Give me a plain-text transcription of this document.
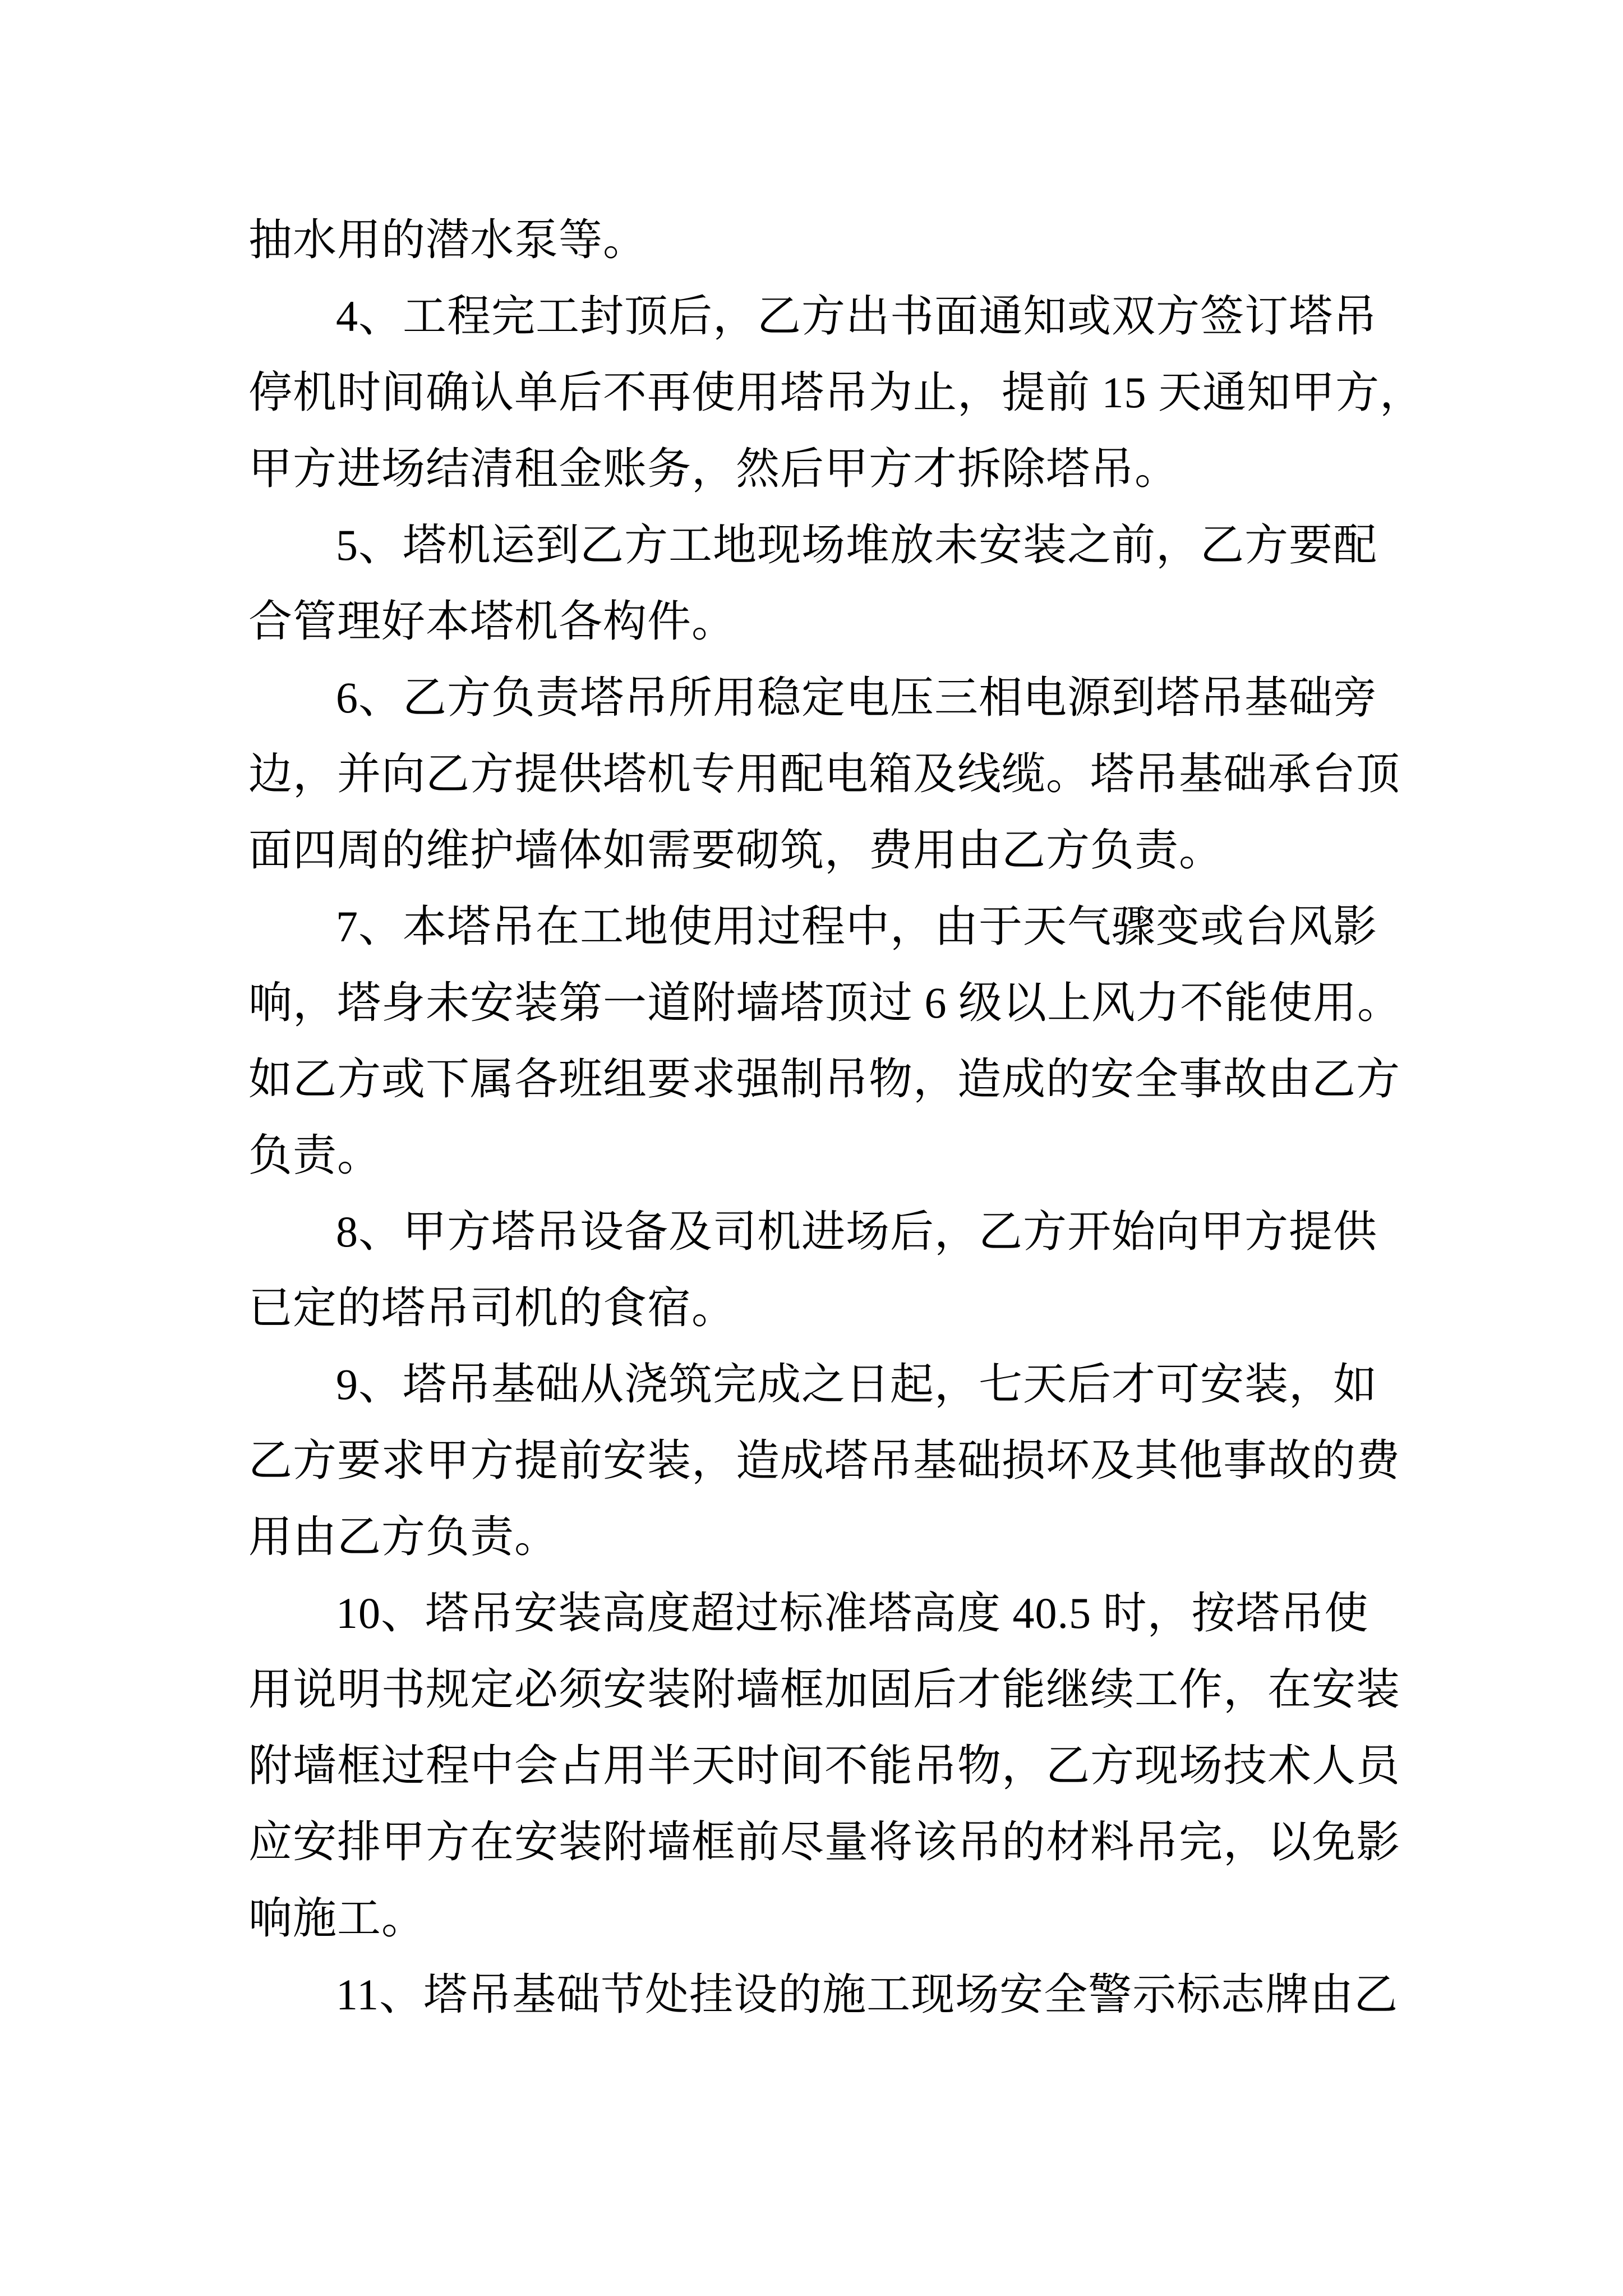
抽水用的潜水泵等。
4、工程完工封顶后，乙方出书面通知或双方签订塔吊
停机时间确认单后不再使用塔吊为止，提前 15 天通知甲方，
甲方进场结清租金账务，然后甲方才拆除塔吊。
5、塔机运到乙方工地现场堆放未安装之前，乙方要配
合管理好本塔机各构件。
6、乙方负责塔吊所用稳定电压三相电源到塔吊基础旁
边，并向乙方提供塔机专用配电箱及线缆。塔吊基础承台顶
面四周的维护墙体如需要砌筑，费用由乙方负责。
7、本塔吊在工地使用过程中，由于天气骤变或台风影
响，塔身未安装第一道附墙塔顶过 6 级以上风力不能使用。
如乙方或下属各班组要求强制吊物，造成的安全事故由乙方
负责。
8、甲方塔吊设备及司机进场后，乙方开始向甲方提供
已定的塔吊司机的食宿。
9、塔吊基础从浇筑完成之日起，七天后才可安装，如
乙方要求甲方提前安装，造成塔吊基础损坏及其他事故的费
用由乙方负责。
10、塔吊安装高度超过标准塔高度 40.5 时，按塔吊使
用说明书规定必须安装附墙框加固后才能继续工作，在安装
附墙框过程中会占用半天时间不能吊物，乙方现场技术人员
应安排甲方在安装附墙框前尽量将该吊的材料吊完，以免影
响施工。
11、塔吊基础节处挂设的施工现场安全警示标志牌由乙
